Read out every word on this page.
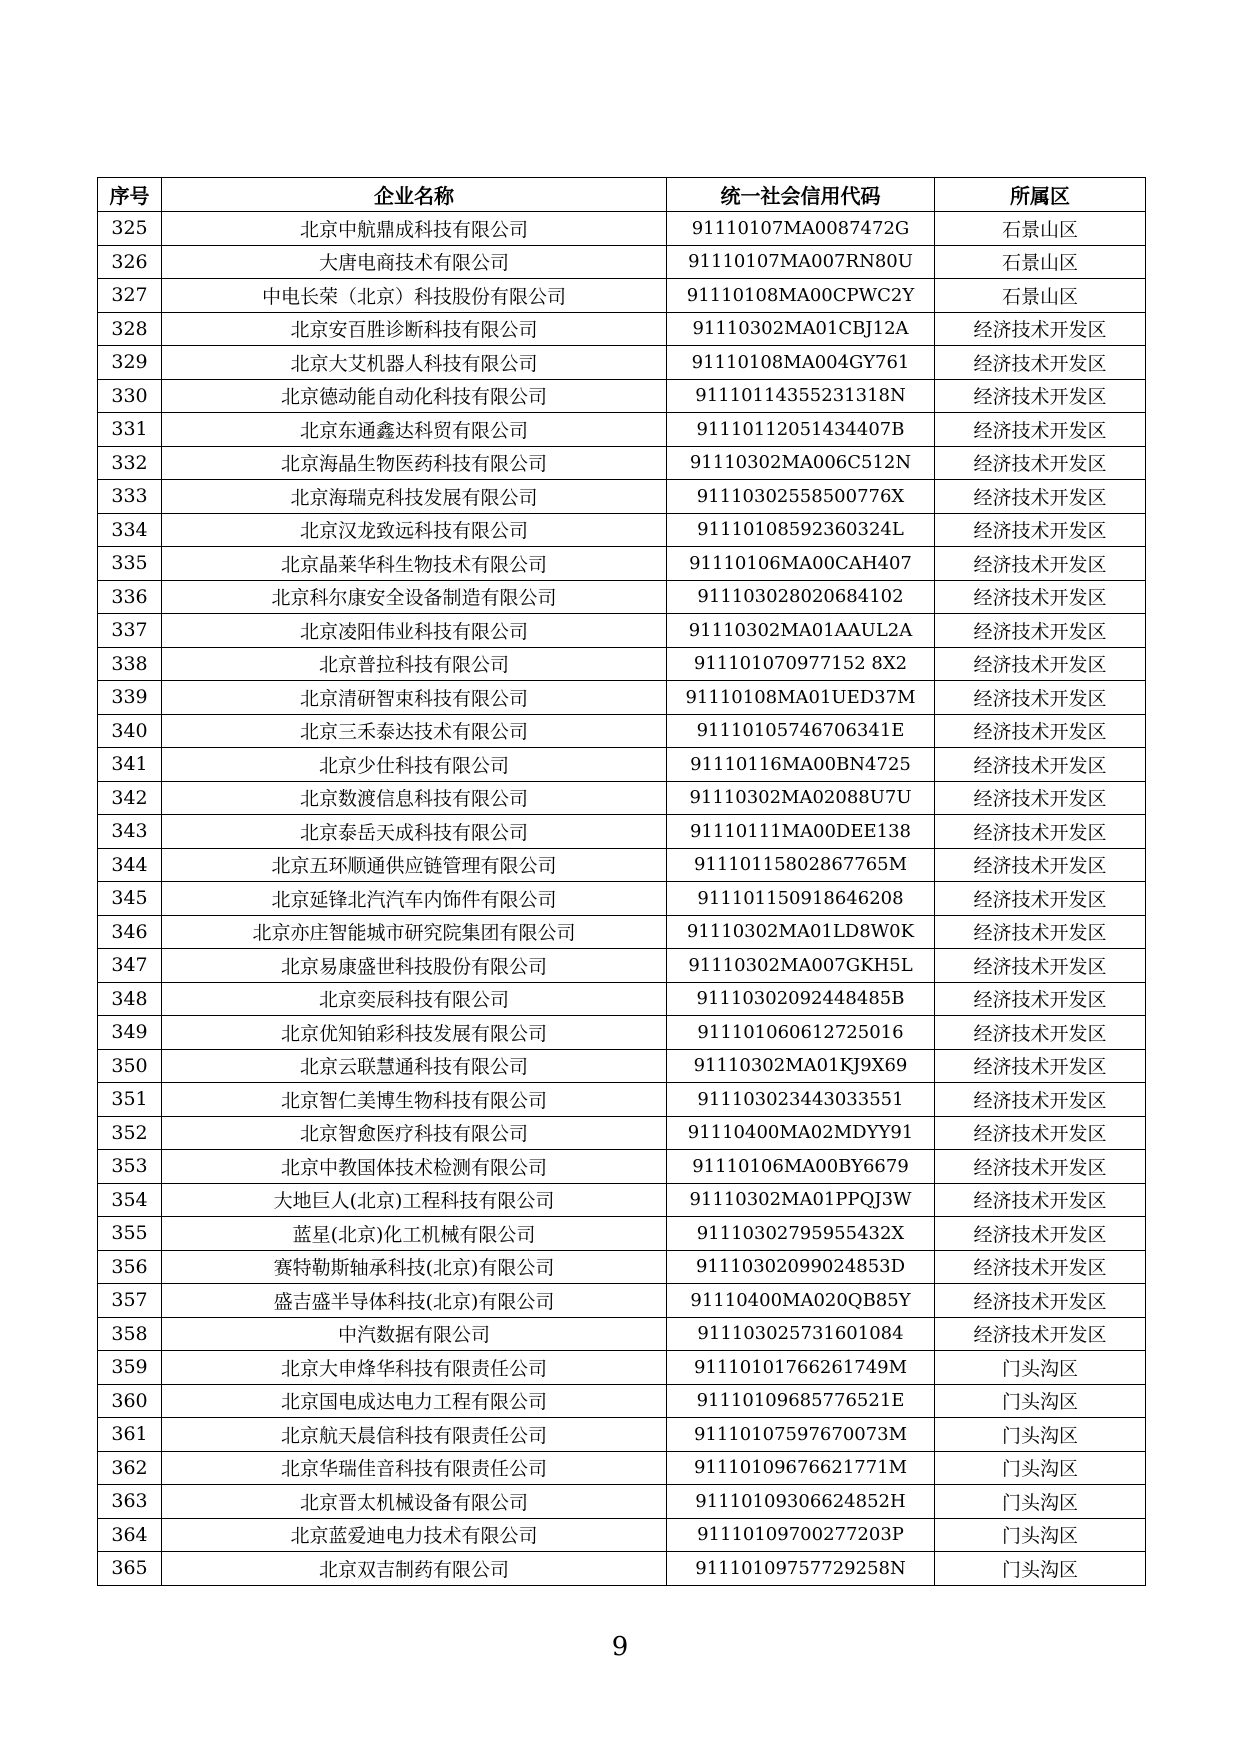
序号	企业名称	统一社会信用代码	所属区
325	北京中航鼎成科技有限公司	91110107MA0087472G	石景山区
326	大唐电商技术有限公司	91110107MA007RN80U	石景山区
327	中电长荣（北京）科技股份有限公司	91110108MA00CPWC2Y	石景山区
328	北京安百胜诊断科技有限公司	91110302MA01CBJ12A	经济技术开发区
329	北京大艾机器人科技有限公司	91110108MA004GY761	经济技术开发区
330	北京德动能自动化科技有限公司	91110114355231318N	经济技术开发区
331	北京东通鑫达科贸有限公司	91110112051434407B	经济技术开发区
332	北京海晶生物医药科技有限公司	91110302MA006C512N	经济技术开发区
333	北京海瑞克科技发展有限公司	91110302558500776X	经济技术开发区
334	北京汉龙致远科技有限公司	91110108592360324L	经济技术开发区
335	北京晶莱华科生物技术有限公司	91110106MA00CAH407	经济技术开发区
336	北京科尔康安全设备制造有限公司	911103028020684102	经济技术开发区
337	北京凌阳伟业科技有限公司	91110302MA01AAUL2A	经济技术开发区
338	北京普拉科技有限公司	911101070977152 8X2	经济技术开发区
339	北京清研智束科技有限公司	91110108MA01UED37M	经济技术开发区
340	北京三禾泰达技术有限公司	91110105746706341E	经济技术开发区
341	北京少仕科技有限公司	91110116MA00BN4725	经济技术开发区
342	北京数渡信息科技有限公司	91110302MA02088U7U	经济技术开发区
343	北京泰岳天成科技有限公司	91110111MA00DEE138	经济技术开发区
344	北京五环顺通供应链管理有限公司	91110115802867765M	经济技术开发区
345	北京延锋北汽汽车内饰件有限公司	911101150918646208	经济技术开发区
346	北京亦庄智能城市研究院集团有限公司	91110302MA01LD8W0K	经济技术开发区
347	北京易康盛世科技股份有限公司	91110302MA007GKH5L	经济技术开发区
348	北京奕辰科技有限公司	91110302092448485B	经济技术开发区
349	北京优知铂彩科技发展有限公司	911101060612725016	经济技术开发区
350	北京云联慧通科技有限公司	91110302MA01KJ9X69	经济技术开发区
351	北京智仁美博生物科技有限公司	911103023443033551	经济技术开发区
352	北京智愈医疗科技有限公司	91110400MA02MDYY91	经济技术开发区
353	北京中教国体技术检测有限公司	91110106MA00BY6679	经济技术开发区
354	大地巨人(北京)工程科技有限公司	91110302MA01PPQJ3W	经济技术开发区
355	蓝星(北京)化工机械有限公司	91110302795955432X	经济技术开发区
356	赛特勒斯轴承科技(北京)有限公司	91110302099024853D	经济技术开发区
357	盛吉盛半导体科技(北京)有限公司	91110400MA020QB85Y	经济技术开发区
358	中汽数据有限公司	911103025731601084	经济技术开发区
359	北京大申烽华科技有限责任公司	91110101766261749M	门头沟区
360	北京国电成达电力工程有限公司	91110109685776521E	门头沟区
361	北京航天晨信科技有限责任公司	91110107597670073M	门头沟区
362	北京华瑞佳音科技有限责任公司	91110109676621771M	门头沟区
363	北京晋太机械设备有限公司	91110109306624852H	门头沟区
364	北京蓝爱迪电力技术有限公司	91110109700277203P	门头沟区
365	北京双吉制药有限公司	91110109757729258N	门头沟区
9
